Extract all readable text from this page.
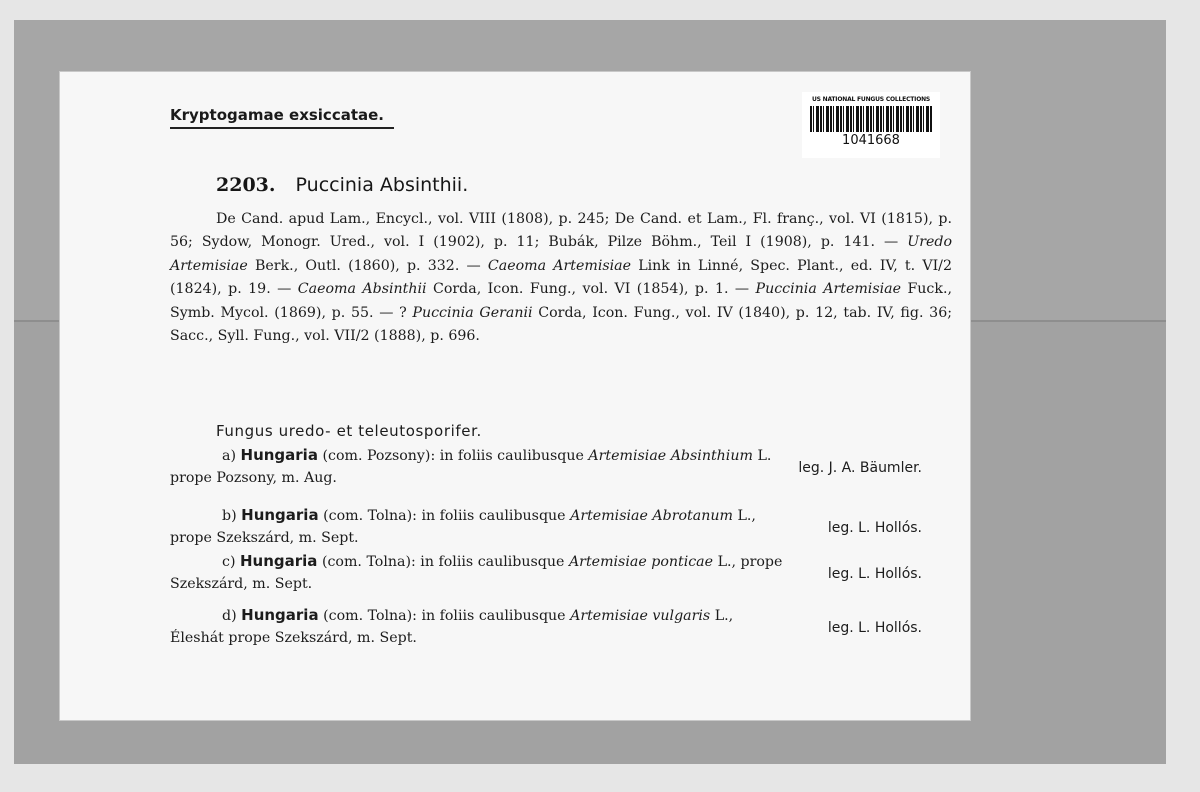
Kryptogamae exsiccatae.
US NATIONAL FUNGUS COLLECTIONS
1041668
2203. Puccinia Absinthii.
De Cand. apud Lam., Encycl., vol. VIII (1808), p. 245; De Cand. et Lam., Fl. franç., vol. VI (1815), p. 56; Sydow, Monogr. Ured., vol. I (1902), p. 11; Bubák, Pilze Böhm., Teil I (1908), p. 141. — Uredo Artemisiae Berk., Outl. (1860), p. 332. — Caeoma Artemisiae Link in Linné, Spec. Plant., ed. IV, t. VI/2 (1824), p. 19. — Caeoma Absinthii Corda, Icon. Fung., vol. VI (1854), p. 1. — Puccinia Artemisiae Fuck., Symb. Mycol. (1869), p. 55. — ? Puccinia Geranii Corda, Icon. Fung., vol. IV (1840), p. 12, tab. IV, fig. 36; Sacc., Syll. Fung., vol. VII/2 (1888), p. 696.
Fungus uredo- et teleutosporifer.
a) Hungaria (com. Pozsony): in foliis caulibusque Artemisiae Absinthium L.
prope Pozsony, m. Aug.
leg. J. A. Bäumler.
b) Hungaria (com. Tolna): in foliis caulibusque Artemisiae Abrotanum L.,
prope Szekszárd, m. Sept.
leg. L. Hollós.
c) Hungaria (com. Tolna): in foliis caulibusque Artemisiae ponticae L., prope
Szekszárd, m. Sept.
leg. L. Hollós.
d) Hungaria (com. Tolna): in foliis caulibusque Artemisiae vulgaris L.,
Éleshát prope Szekszárd, m. Sept.
leg. L. Hollós.
